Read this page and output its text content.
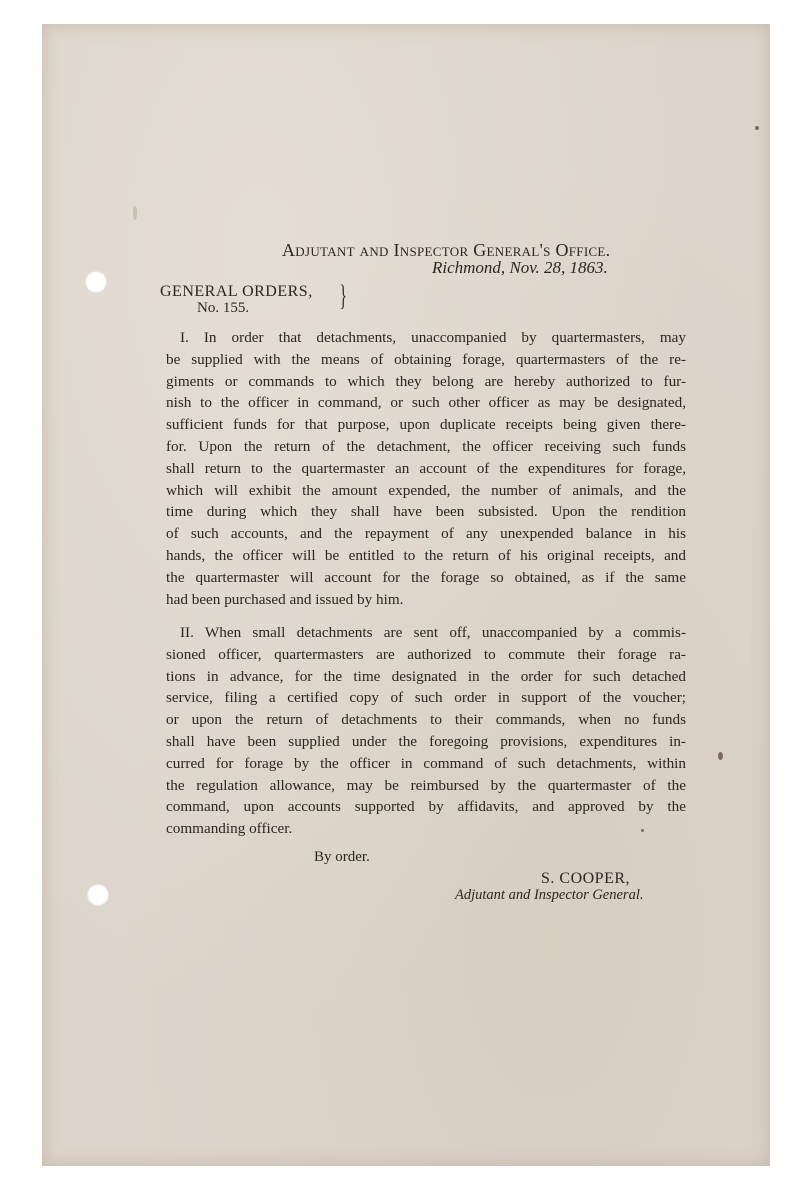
Adjutant and Inspector General's Office.
Richmond, Nov. 28, 1863.
GENERAL ORDERS,
No. 155.	}
I. In order that detachments, unaccompanied by quartermasters, may
be supplied with the means of obtaining forage, quartermasters of the re-
giments or commands to which they belong are hereby authorized to fur-
nish to the officer in command, or such other officer as may be designated,
sufficient funds for that purpose, upon duplicate receipts being given there-
for. Upon the return of the detachment, the officer receiving such funds
shall return to the quartermaster an account of the expenditures for forage,
which will exhibit the amount expended, the number of animals, and the
time during which they shall have been subsisted. Upon the rendition
of such accounts, and the repayment of any unexpended balance in his
hands, the officer will be entitled to the return of his original receipts, and
the quartermaster will account for the forage so obtained, as if the same
had been purchased and issued by him.
II. When small detachments are sent off, unaccompanied by a commis-
sioned officer, quartermasters are authorized to commute their forage ra-
tions in advance, for the time designated in the order for such detached
service, filing a certified copy of such order in support of the voucher;
or upon the return of detachments to their commands, when no funds
shall have been supplied under the foregoing provisions, expenditures in-
curred for forage by the officer in command of such detachments, within
the regulation allowance, may be reimbursed by the quartermaster of the
command, upon accounts supported by affidavits, and approved by the
commanding officer.
By order.
S. COOPER,
Adjutant and Inspector General.
